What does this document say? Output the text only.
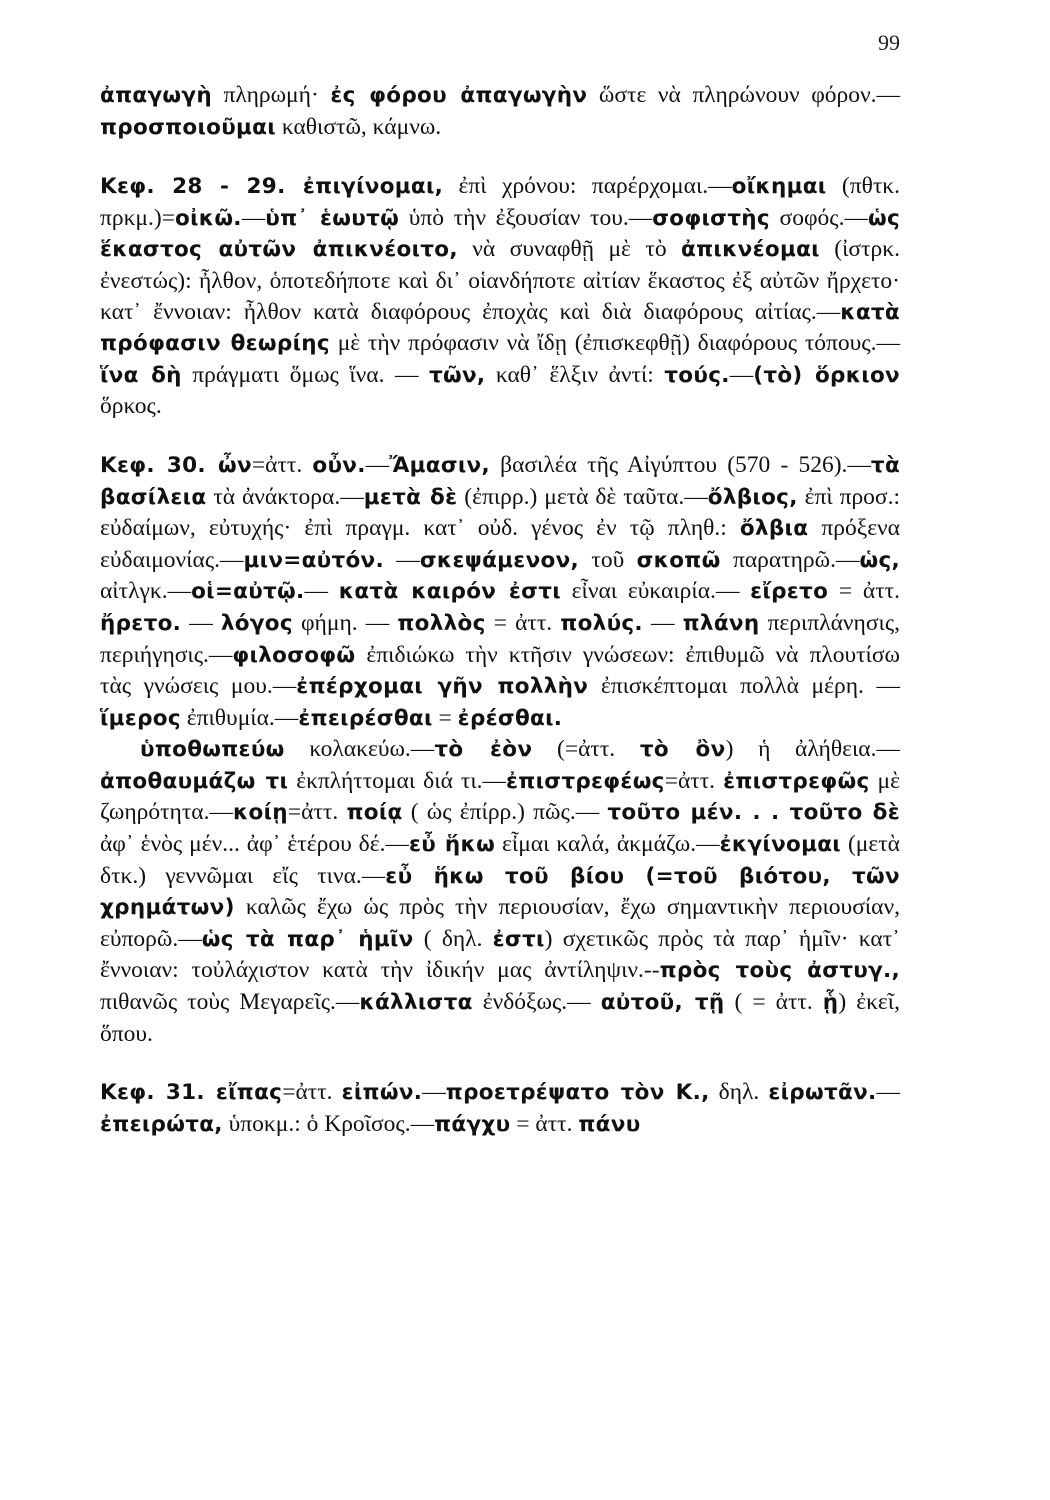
99

ἀπαγωγὴ πληρωμή· ἐς φόρου ἀπαγωγὴν ὥστε νὰ πληρώνουν φόρον.—προσποιοῦμαι καθιστῶ, κάμνω.

Κεφ. 28 - 29. ἐπιγίνομαι, ἐπὶ χρόνου: παρέρχομαι.—οἴκημαι (πθτκ. πρκμ.)=οἰκῶ.—ὑπ᾽ ἑωυτῷ ὑπὸ τὴν ἐξουσίαν του.—σοφιστὴς σοφός.—ὡς ἕκαστος αὐτῶν ἀπικνέοιτο, νὰ συναφθῇ μὲ τὸ ἀπικνέομαι (ἰστρκ. ἐνεστώς): ἦλθον, ὁποτεδήποτε καὶ δι᾽ οἱανδήποτε αἰτίαν ἕκαστος ἐξ αὐτῶν ἤρχετο· κατ᾽ ἔννοιαν: ἦλθον κατὰ διαφόρους ἐποχὰς καὶ διὰ διαφόρους αἰτίας.—κατὰ πρόφασιν θεωρίης μὲ τὴν πρόφασιν νὰ ἴδῃ (ἐπισκεφθῇ) διαφόρους τόπους.—ἵνα δὴ πράγματι ὅμως ἵνα. — τῶν, καθ᾽ ἕλξιν ἀντί: τούς.—(τὸ) ὅρκιον ὅρκος.

Κεφ. 30. ὦν=ἀττ. οὖν.—Ἄμασιν, βασιλέα τῆς Αἰγύπτου (570 - 526).—τὰ βασίλεια τὰ ἀνάκτορα.—μετὰ δὲ (ἐπιρρ.) μετὰ δὲ ταῦτα.—ὄλβιος, ἐπὶ προσ.: εὐδαίμων, εὐτυχής· ἐπὶ πραγμ. κατ᾽ οὐδ. γένος ἐν τῷ πληθ.: ὄλβια πρόξενα εὐδαιμονίας.—μιν=αὐτόν. —σκεψάμενον, τοῦ σκοπῶ παρατηρῶ.—ὡς, αἰτλγκ.—οἱ=αὐτῷ.— κατὰ καιρόν ἐστι εἶναι εὐκαιρία.— εἴρετο = ἀττ. ἤρετο. — λόγος φήμη. — πολλὸς = ἀττ. πολύς. — πλάνη περιπλάνησις, περιήγησις.—φιλοσοφῶ ἐπιδιώκω τὴν κτῆσιν γνώσεων: ἐπιθυμῶ νὰ πλουτίσω τὰς γνώσεις μου.—ἐπέρχομαι γῆν πολλὴν ἐπισκέπτομαι πολλὰ μέρη. — ἵμερος ἐπιθυμία.—ἐπειρέσθαι = ἐρέσθαι.

ὑποθωπεύω κολακεύω.—τὸ ἐὸν (=ἀττ. τὸ ὂν) ἡ ἀλήθεια.— ἀποθαυμάζω τι ἐκπλήττομαι διά τι.—ἐπιστρεφέως=ἀττ. ἐπιστρεφῶς μὲ ζωηρότητα.—κοίῃ=ἀττ. ποίᾳ ( ὡς ἐπίρρ.) πῶς.— τοῦτο μέν. . . τοῦτο δὲ ἀφ᾽ ἑνὸς μέν... ἀφ᾽ ἑτέρου δέ.—εὖ ἥκω εἶμαι καλά, ἀκμάζω.—ἐκγίνομαι (μετὰ δτκ.) γεννῶμαι εἴς τινα.—εὖ ἥκω τοῦ βίου (=τοῦ βιότου, τῶν χρημάτων) καλῶς ἔχω ὡς πρὸς τὴν περιουσίαν, ἔχω σημαντικὴν περιουσίαν, εὐπορῶ.—ὡς τὰ παρ᾽ ἡμῖν ( δηλ. ἐστι) σχετικῶς πρὸς τὰ παρ᾽ ἡμῖν· κατ᾽ ἔννοιαν: τοὐλάχιστον κατὰ τὴν ἰδικήν μας ἀντίληψιν.--πρὸς τοὺς ἀστυγ., πιθανῶς τοὺς Μεγαρεῖς.—κάλλιστα ἐνδόξως.— αὐτοῦ, τῇ ( = ἀττ. ᾗ) ἐκεῖ, ὅπου.

Κεφ. 31. εἴπας=ἀττ. εἰπών.—προετρέψατο τὸν Κ., δηλ. εἰρωτᾶν.—ἐπειρώτα, ὑποκμ.: ὁ Κροῖσος.—πάγχυ = ἀττ. πάνυ
